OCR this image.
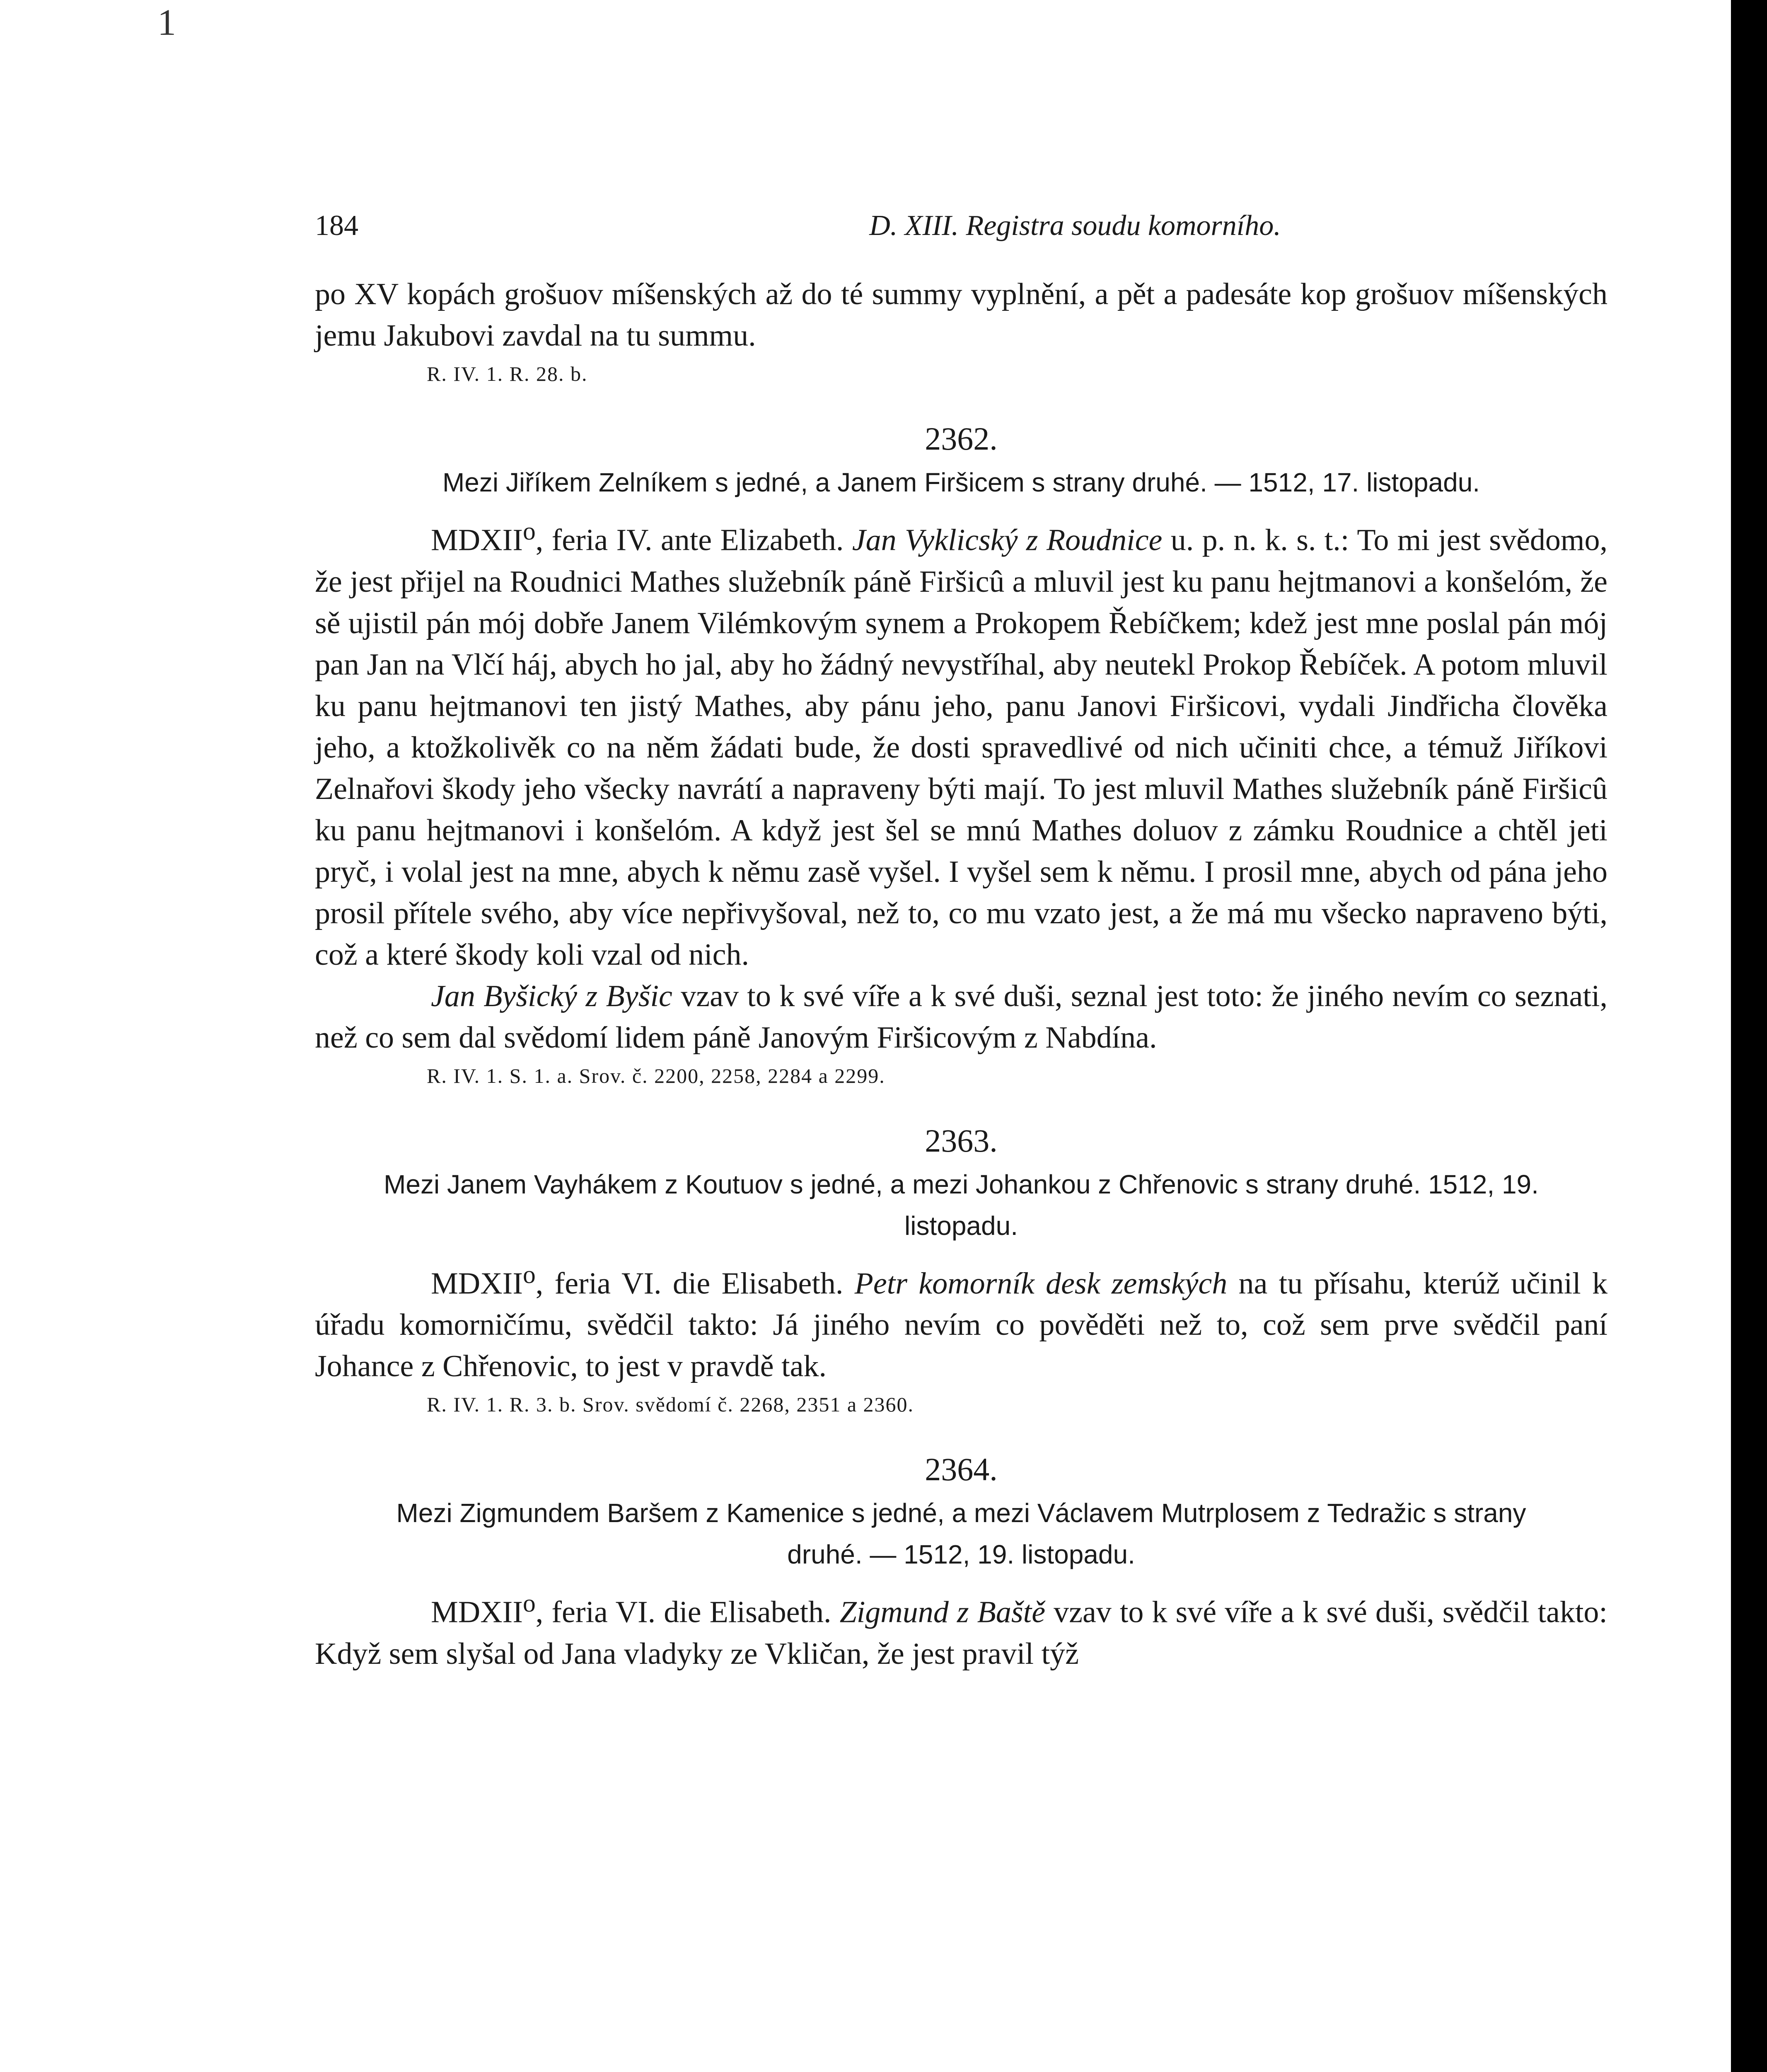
1
184	D. XIII. Registra soudu komorního.

po XV kopách grošuov míšenských až do té summy vyplnění, a pět a padesáte kop grošuov míšenských jemu Jakubovi zavdal na tu summu.

R. IV. 1. R. 28. b.

2362.

Mezi Jiříkem Zelníkem s jedné, a Janem Firšicem s strany druhé. — 1512, 17. listopadu.

MDXII$^o$, feria IV. ante Elizabeth. Jan Vyklicský z Roudnice u. p. n. k. s. t.: To mi jest svědomo, že jest přijel na Roudnici Mathes služebník páně Firšicû a mluvil jest ku panu hejtmanovi a konšelóm, že sě ujistil pán mój dobře Janem Vilémkovým synem a Prokopem Řebíčkem; kdež jest mne poslal pán mój pan Jan na Vlčí háj, abych ho jal, aby ho žádný nevystříhal, aby neutekl Prokop Řebíček. A potom mluvil ku panu hejtmanovi ten jistý Mathes, aby pánu jeho, panu Janovi Firšicovi, vydali Jindřicha člověka jeho, a ktožkolivěk co na něm žádati bude, že dosti spravedlivé od nich učiniti chce, a témuž Jiříkovi Zelnařovi škody jeho všecky navrátí a napraveny býti mají. To jest mluvil Mathes služebník páně Firšicû ku panu hejtmanovi i konšelóm. A když jest šel se mnú Mathes doluov z zámku Roudnice a chtěl jeti pryč, i volal jest na mne, abych k němu zasě vyšel. I vyšel sem k němu. I prosil mne, abych od pána jeho prosil přítele svého, aby více nepřivyšoval, než to, co mu vzato jest, a že má mu všecko napraveno býti, což a které škody koli vzal od nich.

Jan Byšický z Byšic vzav to k své víře a k své duši, seznal jest toto: že jiného nevím co seznati, než co sem dal svědomí lidem páně Janovým Firšicovým z Nabdína.

R. IV. 1. S. 1. a. Srov. č. 2200, 2258, 2284 a 2299.

2363.

Mezi Janem Vayhákem z Koutuov s jedné, a mezi Johankou z Chřenovic s strany druhé. 1512, 19. listopadu.

MDXII$^o$, feria VI. die Elisabeth. Petr komorník desk zemských na tu přísahu, kterúž učinil k úřadu komorničímu, svědčil takto: Já jiného nevím co pověděti než to, což sem prve svědčil paní Johance z Chřenovic, to jest v pravdě tak.

R. IV. 1. R. 3. b. Srov. svědomí č. 2268, 2351 a 2360.

2364.

Mezi Zigmundem Baršem z Kamenice s jedné, a mezi Václavem Mutrplosem z Tedražic s strany druhé. — 1512, 19. listopadu.

MDXII$^o$, feria VI. die Elisabeth. Zigmund z Baště vzav to k své víře a k své duši, svědčil takto: Když sem slyšal od Jana vladyky ze Vkličan, že jest pravil týž
